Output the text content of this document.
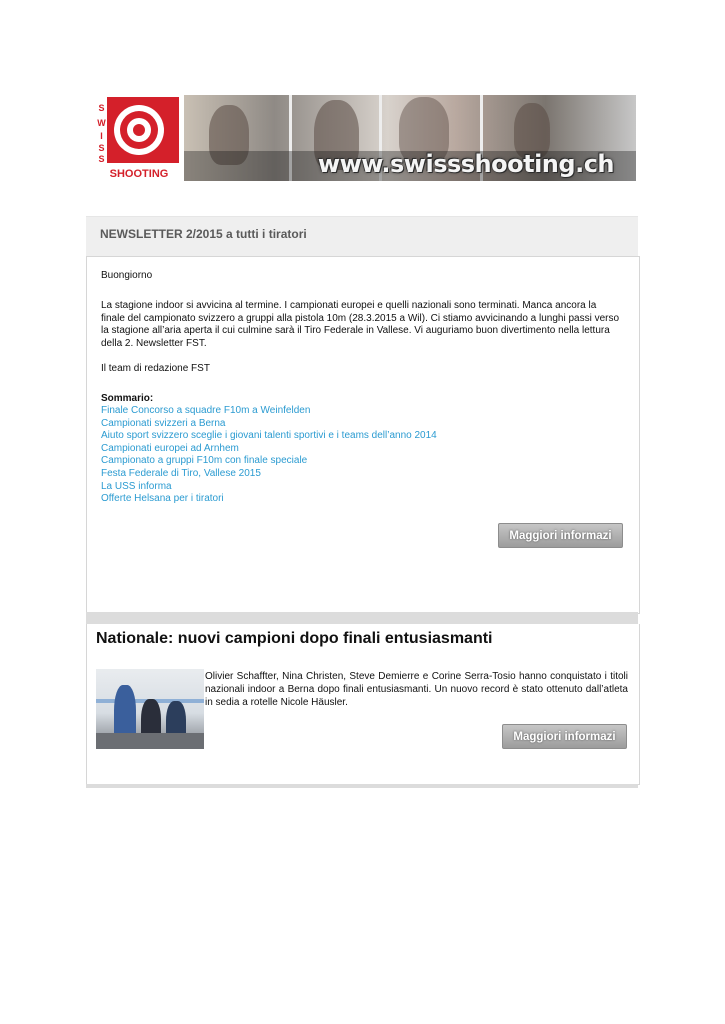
S
W
I
S
S
SHOOTING	www.swissshooting.ch
NEWSLETTER 2/2015 a tutti i tiratori
Buongiorno
La stagione indoor si avvicina al termine. I campionati europei e quelli nazionali sono terminati. Manca ancora la finale del campionato svizzero a gruppi alla pistola 10m (28.3.2015 a Wil). Ci stiamo avvicinando a lunghi passi verso la stagione all’aria aperta il cui culmine sarà il Tiro Federale in Vallese. Vi auguriamo buon divertimento nella lettura della 2. Newsletter FST.
Il team di redazione FST
Sommario:
Finale Concorso a squadre F10m a Weinfelden
Campionati svizzeri a Berna
Aiuto sport svizzero sceglie i giovani talenti sportivi e i teams dell’anno 2014
Campionati europei ad Arnhem
Campionato a gruppi F10m con finale speciale
Festa Federale di Tiro, Vallese 2015
La USS informa
Offerte Helsana per i tiratori
Maggiori informazi
Nationale: nuovi campioni dopo finali entusiasmanti
Olivier Schaffter, Nina Christen, Steve Demierre e Corine Serra-Tosio hanno conquistato i titoli nazionali indoor a Berna dopo finali entusiasmanti. Un nuovo record è stato ottenuto dall’atleta in sedia a rotelle Nicole Häusler.
Maggiori informazi
